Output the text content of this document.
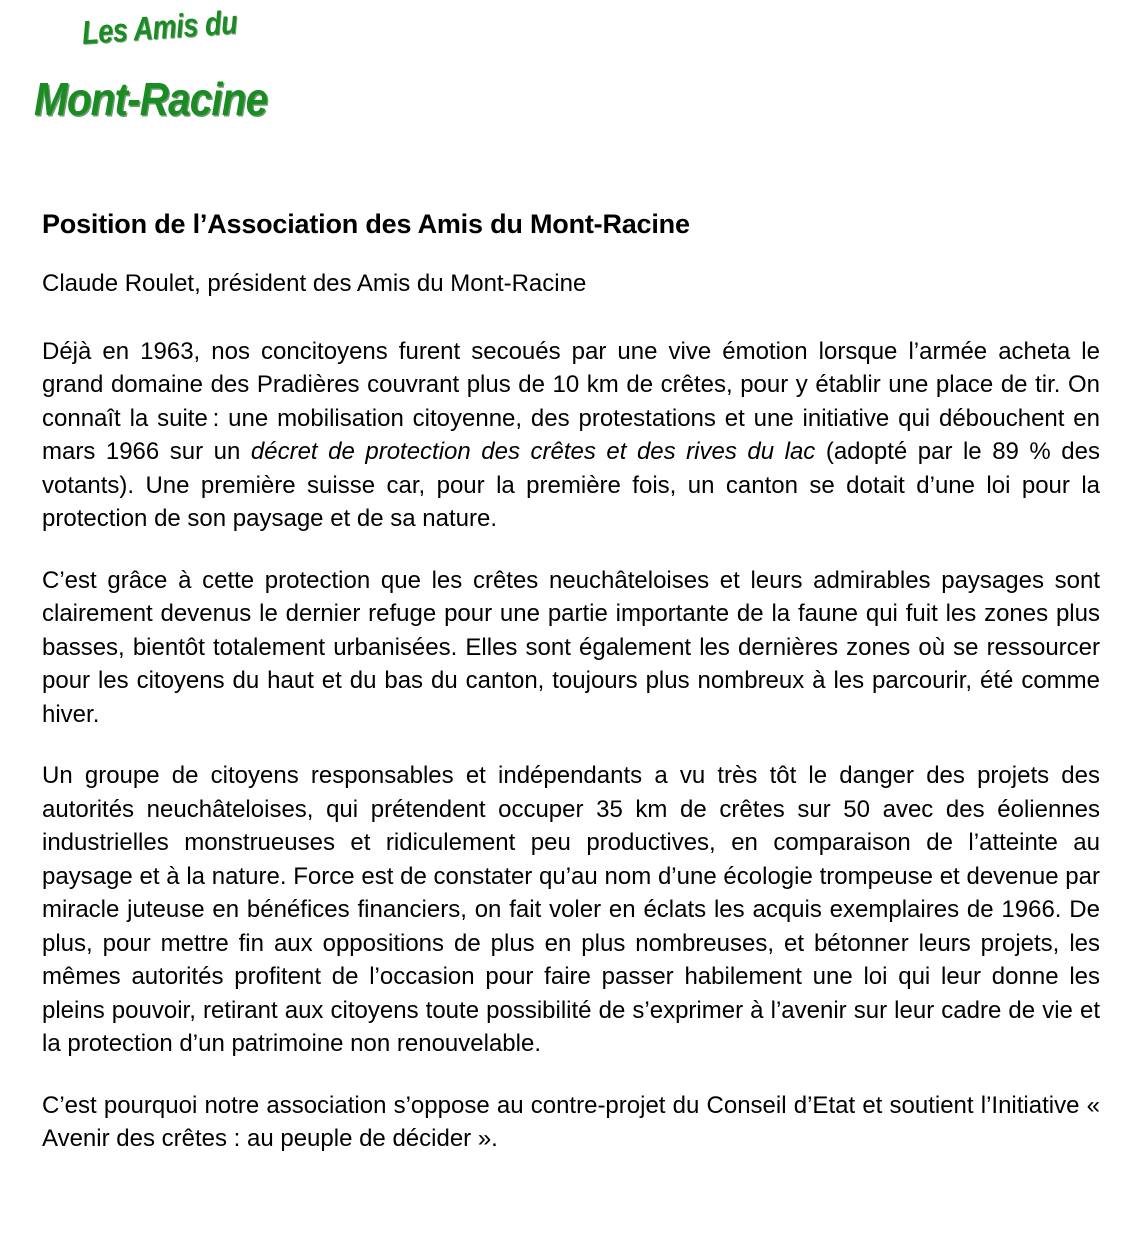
Les Amis du
Mont-Racine
Position de l’Association des Amis du Mont-Racine

Claude Roulet, président des Amis du Mont-Racine

Déjà en 1963, nos concitoyens furent secoués par une vive émotion lorsque l’armée acheta le grand domaine des Pradières couvrant plus de 10 km de crêtes, pour y établir une place de tir. On connaît la suite : une mobilisation citoyenne, des protestations et une initiative qui débouchent en mars 1966 sur un décret de protection des crêtes et des rives du lac (adopté par le 89 % des votants). Une première suisse car, pour la première fois, un canton se dotait d’une loi pour la protection de son paysage et de sa nature.

C’est grâce à cette protection que les crêtes neuchâteloises et leurs admirables paysages sont clairement devenus le dernier refuge pour une partie importante de la faune qui fuit les zones plus basses, bientôt totalement urbanisées. Elles sont également les dernières zones où se ressourcer pour les citoyens du haut et du bas du canton, toujours plus nombreux à les parcourir, été comme hiver.

Un groupe de citoyens responsables et indépendants a vu très tôt le danger des projets des autorités neuchâteloises, qui prétendent occuper 35 km de crêtes sur 50 avec des éoliennes industrielles monstrueuses et ridiculement peu productives, en comparaison de l’atteinte au paysage et à la nature. Force est de constater qu’au nom d’une écologie trompeuse et devenue par miracle juteuse en bénéfices financiers, on fait voler en éclats les acquis exemplaires de 1966. De plus, pour mettre fin aux oppositions de plus en plus nombreuses, et bétonner leurs projets, les mêmes autorités profitent de l’occasion pour faire passer habilement une loi qui leur donne les pleins pouvoir, retirant aux citoyens toute possibilité de s’exprimer à l’avenir sur leur cadre de vie et la protection d’un patrimoine non renouvelable.

C’est pourquoi notre association s’oppose au contre-projet du Conseil d’Etat et soutient l’Initiative « Avenir des crêtes : au peuple de décider ».
